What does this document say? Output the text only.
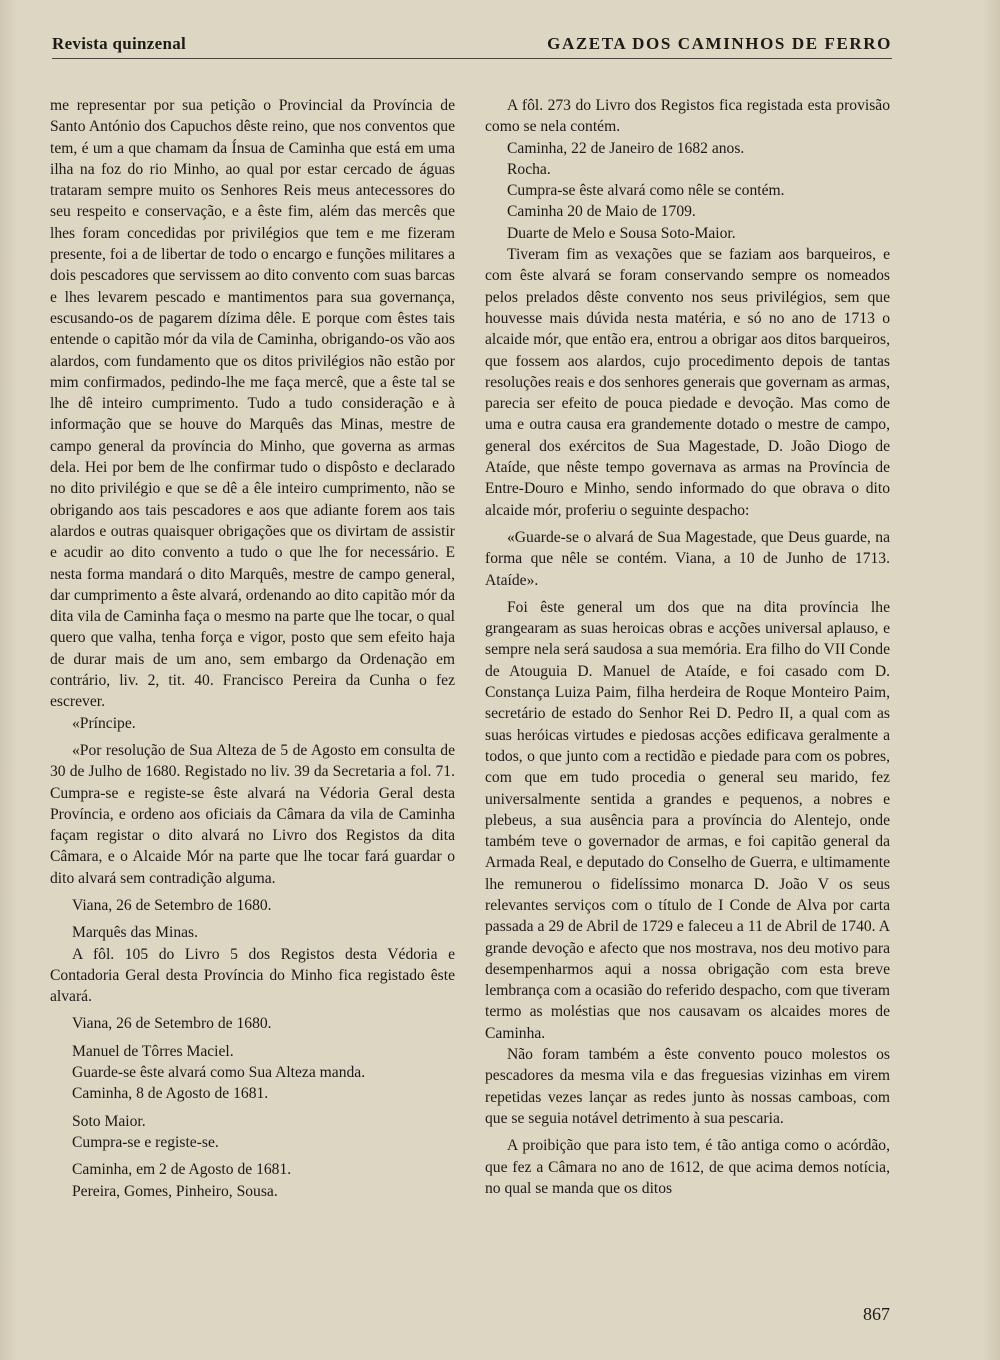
Revista quinzenal	GAZETA DOS CAMINHOS DE FERRO

me representar por sua petição o Provincial da Província de Santo António dos Capuchos dêste reino, que nos conventos que tem, é um a que chamam da Ínsua de Caminha que está em uma ilha na foz do rio Minho, ao qual por estar cercado de águas trataram sempre muito os Senhores Reis meus antecessores do seu respeito e conservação, e a êste fim, além das mercês que lhes foram concedidas por privilégios que tem e me fizeram presente, foi a de libertar de todo o encargo e funções militares a dois pescadores que servissem ao dito convento com suas barcas e lhes levarem pescado e mantimentos para sua governança, escusando-os de pagarem dízima dêle. E porque com êstes tais entende o capitão mór da vila de Caminha, obrigando-os vão aos alardos, com fundamento que os ditos privilégios não estão por mim confirmados, pedindo-lhe me faça mercê, que a êste tal se lhe dê inteiro cumprimento. Tudo a tudo consideração e à informação que se houve do Marquês das Minas, mestre de campo general da província do Minho, que governa as armas dela. Hei por bem de lhe confirmar tudo o dispôsto e declarado no dito privilégio e que se dê a êle inteiro cumprimento, não se obrigando aos tais pescadores e aos que adiante forem aos tais alardos e outras quaisquer obrigações que os divirtam de assistir e acudir ao dito convento a tudo o que lhe for necessário. E nesta forma mandará o dito Marquês, mestre de campo general, dar cumprimento a êste alvará, ordenando ao dito capitão mór da dita vila de Caminha faça o mesmo na parte que lhe tocar, o qual quero que valha, tenha força e vigor, posto que sem efeito haja de durar mais de um ano, sem embargo da Ordenação em contrário, liv. 2, tit. 40. Francisco Pereira da Cunha o fez escrever.

«Príncipe.

«Por resolução de Sua Alteza de 5 de Agosto em consulta de 30 de Julho de 1680. Registado no liv. 39 da Secretaria a fol. 71. Cumpra-se e registe-se êste alvará na Védoria Geral desta Província, e ordeno aos oficiais da Câmara da vila de Caminha façam registar o dito alvará no Livro dos Registos da dita Câmara, e o Alcaide Mór na parte que lhe tocar fará guardar o dito alvará sem contradição alguma.

Viana, 26 de Setembro de 1680.

Marquês das Minas.

A fôl. 105 do Livro 5 dos Registos desta Védoria e Contadoria Geral desta Província do Minho fica registado êste alvará.

Viana, 26 de Setembro de 1680.

Manuel de Tôrres Maciel.

Guarde-se êste alvará como Sua Alteza manda.

Caminha, 8 de Agosto de 1681.

Soto Maior.

Cumpra-se e registe-se.

Caminha, em 2 de Agosto de 1681.

Pereira, Gomes, Pinheiro, Sousa.

A fôl. 273 do Livro dos Registos fica registada esta provisão como se nela contém.

Caminha, 22 de Janeiro de 1682 anos.

Rocha.

Cumpra-se êste alvará como nêle se contém.

Caminha 20 de Maio de 1709.

Duarte de Melo e Sousa Soto-Maior.

Tiveram fim as vexações que se faziam aos barqueiros, e com êste alvará se foram conservando sempre os nomeados pelos prelados dêste convento nos seus privilégios, sem que houvesse mais dúvida nesta matéria, e só no ano de 1713 o alcaide mór, que então era, entrou a obrigar aos ditos barqueiros, que fossem aos alardos, cujo procedimento depois de tantas resoluções reais e dos senhores generais que governam as armas, parecia ser efeito de pouca piedade e devoção. Mas como de uma e outra causa era grandemente dotado o mestre de campo, general dos exércitos de Sua Magestade, D. João Diogo de Ataíde, que nêste tempo governava as armas na Província de Entre-Douro e Minho, sendo informado do que obrava o dito alcaide mór, proferiu o seguinte despacho:

«Guarde-se o alvará de Sua Magestade, que Deus guarde, na forma que nêle se contém. Viana, a 10 de Junho de 1713. Ataíde».

Foi êste general um dos que na dita província lhe grangearam as suas heroicas obras e acções universal aplauso, e sempre nela será saudosa a sua memória. Era filho do VII Conde de Atouguia D. Manuel de Ataíde, e foi casado com D. Constança Luiza Paim, filha herdeira de Roque Monteiro Paim, secretário de estado do Senhor Rei D. Pedro II, a qual com as suas heróicas virtudes e piedosas acções edificava geralmente a todos, o que junto com a rectidão e piedade para com os pobres, com que em tudo procedia o general seu marido, fez universalmente sentida a grandes e pequenos, a nobres e plebeus, a sua ausência para a província do Alentejo, onde também teve o governador de armas, e foi capitão general da Armada Real, e deputado do Conselho de Guerra, e ultimamente lhe remunerou o fidelíssimo monarca D. João V os seus relevantes serviços com o título de I Conde de Alva por carta passada a 29 de Abril de 1729 e faleceu a 11 de Abril de 1740. A grande devoção e afecto que nos mostrava, nos deu motivo para desempenharmos aqui a nossa obrigação com esta breve lembrança com a ocasião do referido despacho, com que tiveram termo as moléstias que nos causavam os alcaides mores de Caminha.

Não foram também a êste convento pouco molestos os pescadores da mesma vila e das freguesias vizinhas em virem repetidas vezes lançar as redes junto às nossas camboas, com que se seguia notável detrimento à sua pescaria.

A proibição que para isto tem, é tão antiga como o acórdão, que fez a Câmara no ano de 1612, de que acima demos notícia, no qual se manda que os ditos

867
